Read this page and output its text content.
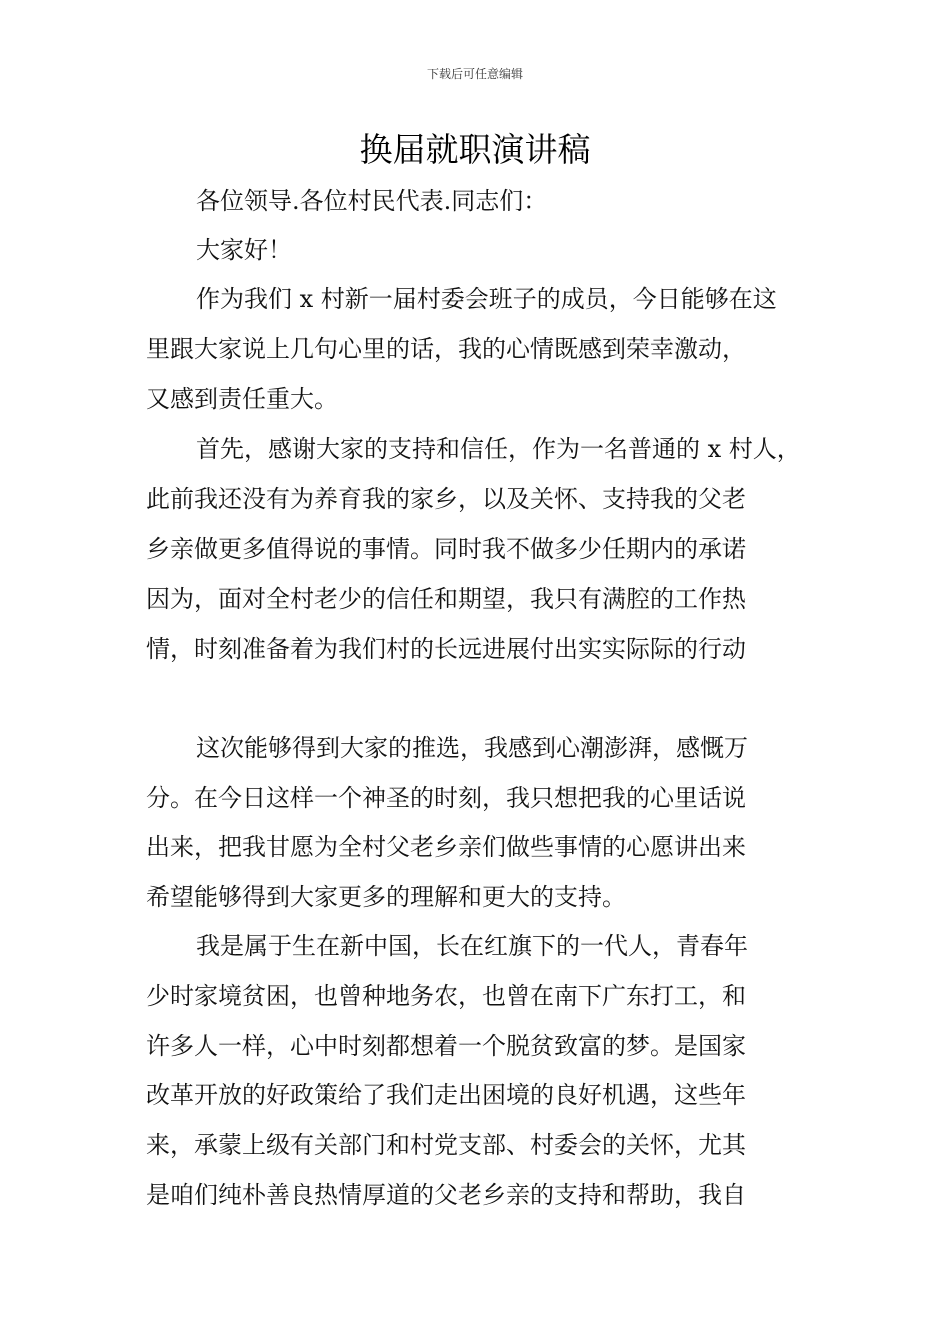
下载后可任意编辑
换届就职演讲稿
各位领导.各位村民代表.同志们：
大家好！
作为我们 x 村新一届村委会班子的成员，今日能够在这
里跟大家说上几句心里的话，我的心情既感到荣幸激动，
又感到责任重大。
首先，感谢大家的支持和信任，作为一名普通的 x 村人，
此前我还没有为养育我的家乡，以及关怀、支持我的父老
乡亲做更多值得说的事情。同时我不做多少任期内的承诺
因为，面对全村老少的信任和期望，我只有满腔的工作热
情，时刻准备着为我们村的长远进展付出实实际际的行动
这次能够得到大家的推选，我感到心潮澎湃，感慨万
分。在今日这样一个神圣的时刻，我只想把我的心里话说
出来，把我甘愿为全村父老乡亲们做些事情的心愿讲出来
希望能够得到大家更多的理解和更大的支持。
我是属于生在新中国，长在红旗下的一代人，青春年
少时家境贫困，也曾种地务农，也曾在南下广东打工，和
许多人一样，心中时刻都想着一个脱贫致富的梦。是国家
改革开放的好政策给了我们走出困境的良好机遇，这些年
来，承蒙上级有关部门和村党支部、村委会的关怀，尤其
是咱们纯朴善良热情厚道的父老乡亲的支持和帮助，我自
